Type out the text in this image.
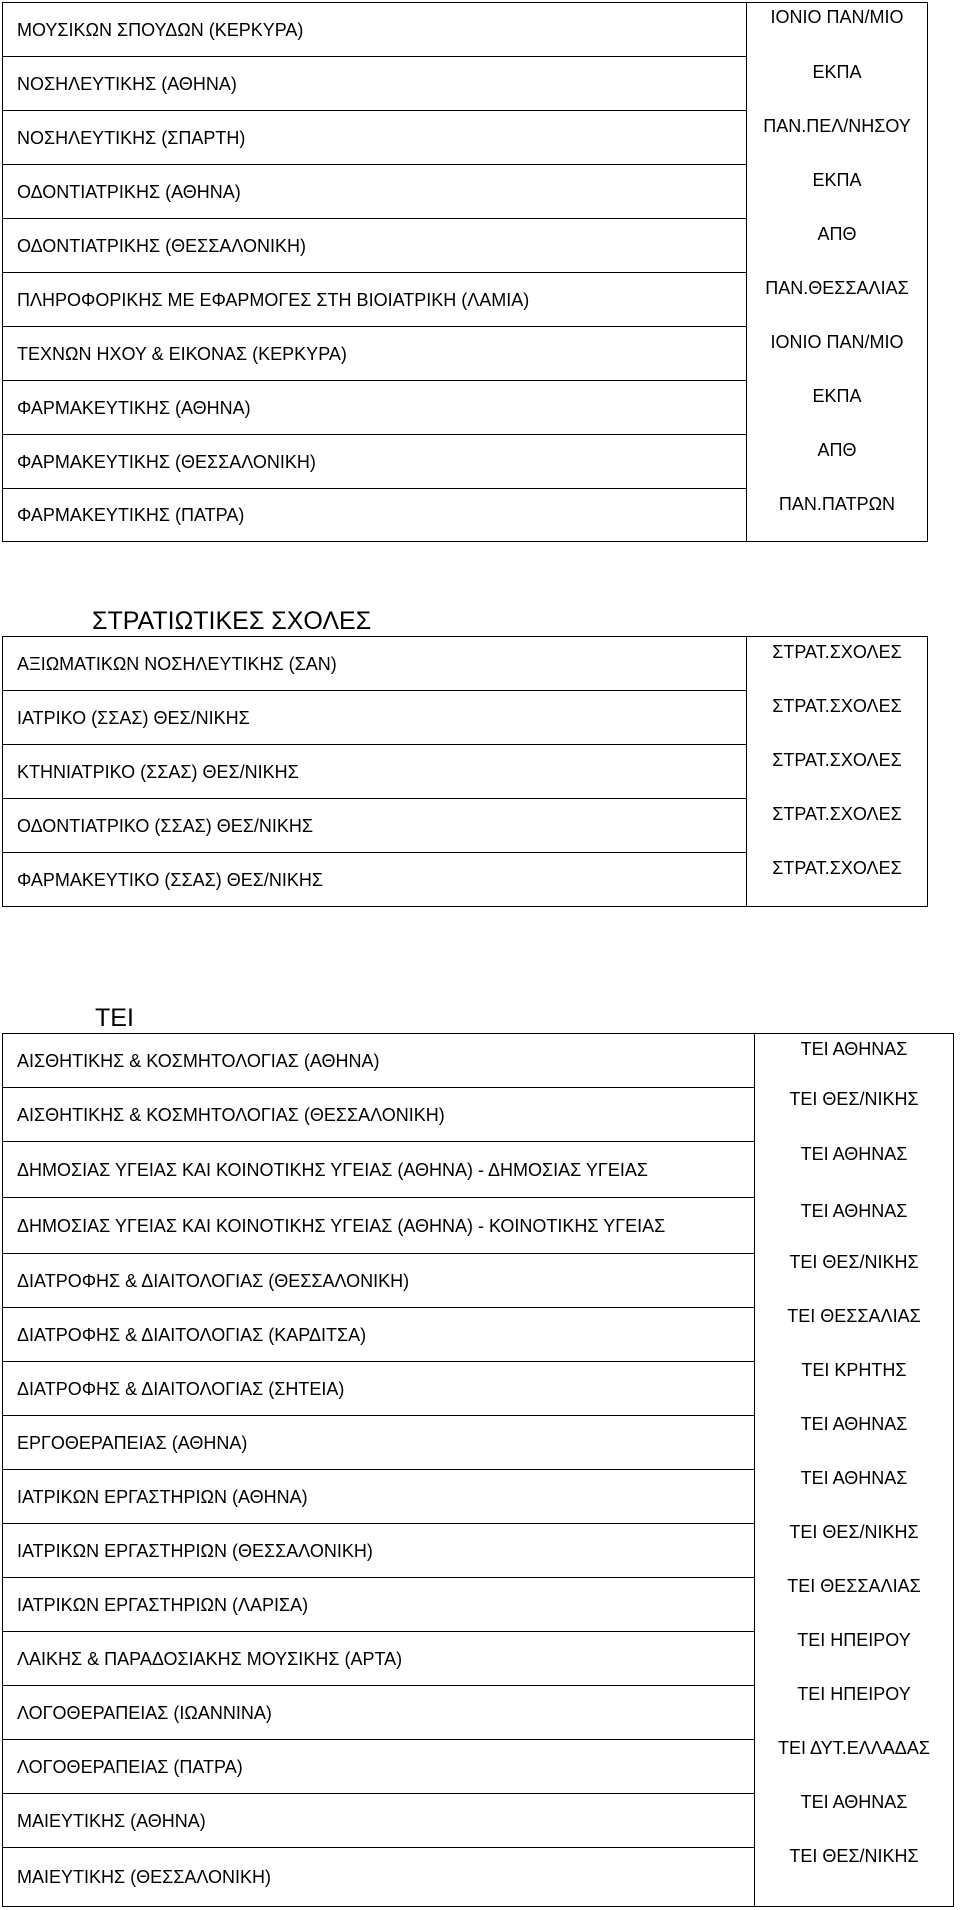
ΜΟΥΣΙΚΩΝ ΣΠΟΥΔΩΝ (ΚΕΡΚΥΡΑ)
ΝΟΣΗΛΕΥΤΙΚΗΣ (ΑΘΗΝΑ)
ΝΟΣΗΛΕΥΤΙΚΗΣ (ΣΠΑΡΤΗ)
ΟΔΟΝΤΙΑΤΡΙΚΗΣ (ΑΘΗΝΑ)
ΟΔΟΝΤΙΑΤΡΙΚΗΣ (ΘΕΣΣΑΛΟΝΙΚΗ)
ΠΛΗΡΟΦΟΡΙΚΗΣ ΜΕ ΕΦΑΡΜΟΓΕΣ ΣΤΗ ΒΙΟΙΑΤΡΙΚΗ (ΛΑΜΙΑ)
ΤΕΧΝΩΝ ΗΧΟΥ & ΕΙΚΟΝΑΣ (ΚΕΡΚΥΡΑ)
ΦΑΡΜΑΚΕΥΤΙΚΗΣ (ΑΘΗΝΑ)
ΦΑΡΜΑΚΕΥΤΙΚΗΣ (ΘΕΣΣΑΛΟΝΙΚΗ)
ΦΑΡΜΑΚΕΥΤΙΚΗΣ (ΠΑΤΡΑ)
ΙΟΝΙΟ ΠΑΝ/ΜΙΟ
ΕΚΠΑ
ΠΑΝ.ΠΕΛ/ΝΗΣΟΥ
ΕΚΠΑ
ΑΠΘ
ΠΑΝ.ΘΕΣΣΑΛΙΑΣ
ΙΟΝΙΟ ΠΑΝ/ΜΙΟ
ΕΚΠΑ
ΑΠΘ
ΠΑΝ.ΠΑΤΡΩΝ
ΣΤΡΑΤΙΩΤΙΚΕΣ ΣΧΟΛΕΣ
ΑΞΙΩΜΑΤΙΚΩΝ ΝΟΣΗΛΕΥΤΙΚΗΣ (ΣΑΝ)
ΙΑΤΡΙΚΟ (ΣΣΑΣ) ΘΕΣ/ΝΙΚΗΣ
ΚΤΗΝΙΑΤΡΙΚΟ (ΣΣΑΣ) ΘΕΣ/ΝΙΚΗΣ
ΟΔΟΝΤΙΑΤΡΙΚΟ (ΣΣΑΣ) ΘΕΣ/ΝΙΚΗΣ
ΦΑΡΜΑΚΕΥΤΙΚΟ (ΣΣΑΣ) ΘΕΣ/ΝΙΚΗΣ
ΣΤΡΑΤ.ΣΧΟΛΕΣ
ΣΤΡΑΤ.ΣΧΟΛΕΣ
ΣΤΡΑΤ.ΣΧΟΛΕΣ
ΣΤΡΑΤ.ΣΧΟΛΕΣ
ΣΤΡΑΤ.ΣΧΟΛΕΣ
ΤΕΙ
ΑΙΣΘΗΤΙΚΗΣ & ΚΟΣΜΗΤΟΛΟΓΙΑΣ (ΑΘΗΝΑ)
ΑΙΣΘΗΤΙΚΗΣ & ΚΟΣΜΗΤΟΛΟΓΙΑΣ (ΘΕΣΣΑΛΟΝΙΚΗ)
ΔΗΜΟΣΙΑΣ ΥΓΕΙΑΣ ΚΑΙ ΚΟΙΝΟΤΙΚΗΣ ΥΓΕΙΑΣ (ΑΘΗΝΑ) - ΔΗΜΟΣΙΑΣ ΥΓΕΙΑΣ
ΔΗΜΟΣΙΑΣ ΥΓΕΙΑΣ ΚΑΙ ΚΟΙΝΟΤΙΚΗΣ ΥΓΕΙΑΣ (ΑΘΗΝΑ) - ΚΟΙΝΟΤΙΚΗΣ ΥΓΕΙΑΣ
ΔΙΑΤΡΟΦΗΣ & ΔΙΑΙΤΟΛΟΓΙΑΣ (ΘΕΣΣΑΛΟΝΙΚΗ)
ΔΙΑΤΡΟΦΗΣ & ΔΙΑΙΤΟΛΟΓΙΑΣ (ΚΑΡΔΙΤΣΑ)
ΔΙΑΤΡΟΦΗΣ & ΔΙΑΙΤΟΛΟΓΙΑΣ (ΣΗΤΕΙΑ)
ΕΡΓΟΘΕΡΑΠΕΙΑΣ (ΑΘΗΝΑ)
ΙΑΤΡΙΚΩΝ ΕΡΓΑΣΤΗΡΙΩΝ (ΑΘΗΝΑ)
ΙΑΤΡΙΚΩΝ ΕΡΓΑΣΤΗΡΙΩΝ (ΘΕΣΣΑΛΟΝΙΚΗ)
ΙΑΤΡΙΚΩΝ ΕΡΓΑΣΤΗΡΙΩΝ (ΛΑΡΙΣΑ)
ΛΑΙΚΗΣ & ΠΑΡΑΔΟΣΙΑΚΗΣ ΜΟΥΣΙΚΗΣ (ΑΡΤΑ)
ΛΟΓΟΘΕΡΑΠΕΙΑΣ (ΙΩΑΝΝΙΝΑ)
ΛΟΓΟΘΕΡΑΠΕΙΑΣ (ΠΑΤΡΑ)
ΜΑΙΕΥΤΙΚΗΣ (ΑΘΗΝΑ)
ΜΑΙΕΥΤΙΚΗΣ (ΘΕΣΣΑΛΟΝΙΚΗ)
ΤΕΙ ΑΘΗΝΑΣ
ΤΕΙ ΘΕΣ/ΝΙΚΗΣ
ΤΕΙ ΑΘΗΝΑΣ
ΤΕΙ ΑΘΗΝΑΣ
ΤΕΙ ΘΕΣ/ΝΙΚΗΣ
ΤΕΙ ΘΕΣΣΑΛΙΑΣ
ΤΕΙ ΚΡΗΤΗΣ
ΤΕΙ ΑΘΗΝΑΣ
ΤΕΙ ΑΘΗΝΑΣ
ΤΕΙ ΘΕΣ/ΝΙΚΗΣ
ΤΕΙ ΘΕΣΣΑΛΙΑΣ
ΤΕΙ ΗΠΕΙΡΟΥ
ΤΕΙ ΗΠΕΙΡΟΥ
ΤΕΙ ΔΥΤ.ΕΛΛΑΔΑΣ
ΤΕΙ ΑΘΗΝΑΣ
ΤΕΙ ΘΕΣ/ΝΙΚΗΣ
